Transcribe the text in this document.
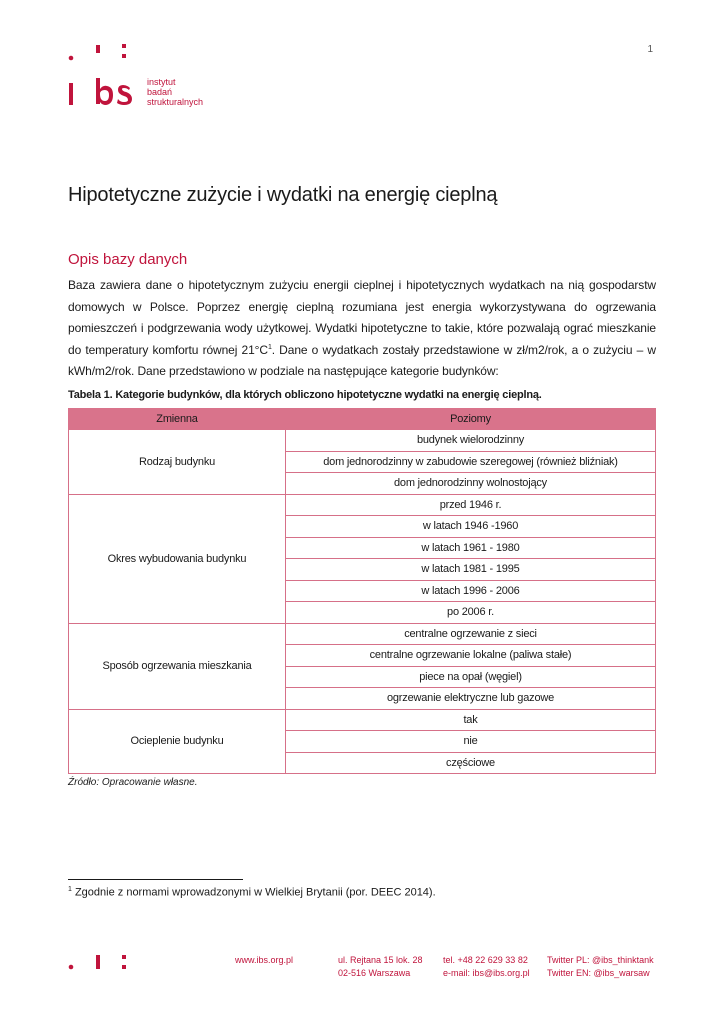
1
instytut
badań
strukturalnych
Hipotetyczne zużycie i wydatki na energię cieplną
Opis bazy danych

Baza zawiera dane o hipotetycznym zużyciu energii cieplnej i hipotetycznych wydatkach na nią gospodarstw domowych w Polsce. Poprzez energię cieplną rozumiana jest energia wykorzystywana do ogrzewania pomieszczeń i podgrzewania wody użytkowej. Wydatki hipotetyczne to takie, które pozwalają ograć mieszkanie do temperatury komfortu równej $21^\circ C^1$. Dane o wydatkach zostały przedstawione w zł/m2/rok, a o zużyciu – w kWh/m2/rok. Dane przedstawiono w podziale na następujące kategorie budynków:

Tabela 1. Kategorie budynków, dla których obliczono hipotetyczne wydatki na energię cieplną.

Zmienna	Poziomy
Rodzaj budynku	budynek wielorodzinny
	dom jednorodzinny w zabudowie szeregowej (również bliźniak)
	dom jednorodzinny wolnostojący
Okres wybudowania budynku	przed 1946 r.
	w latach 1946 -1960
	w latach 1961 - 1980
	w latach 1981 - 1995
	w latach 1996 - 2006
	po 2006 r.
Sposób ogrzewania mieszkania	centralne ogrzewanie z sieci
	centralne ogrzewanie lokalne (paliwa stałe)
	piece na opał (węgiel)
	ogrzewanie elektryczne lub gazowe
Ocieplenie budynku	tak
	nie
	częściowe

Źródło: Opracowanie własne.

$^1$ Zgodnie z normami wprowadzonymi w Wielkiej Brytanii (por. DEEC 2014).

www.ibs.org.pl	ul. Rejtana 15 lok. 28
02-516 Warszawa
tel. +48 22 629 33 82
e-mail: ibs@ibs.org.pl
Twitter PL: @ibs_thinktank
Twitter EN: @ibs_warsaw
